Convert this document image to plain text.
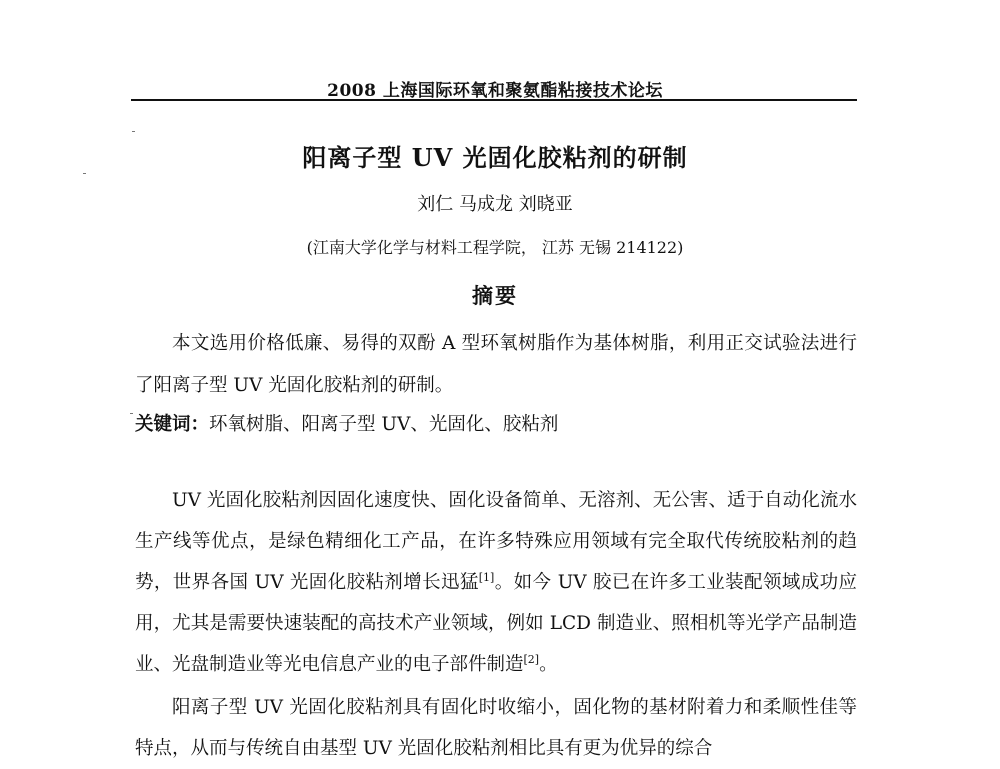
2008 上海国际环氧和聚氨酯粘接技术论坛
阳离子型 UV 光固化胶粘剂的研制
刘仁 马成龙 刘晓亚
(江南大学化学与材料工程学院， 江苏 无锡 214122)
摘要

本文选用价格低廉、易得的双酚 A 型环氧树脂作为基体树脂，利用正交试验法进行了阳离子型 UV 光固化胶粘剂的研制。

关键词：环氧树脂、阳离子型 UV、光固化、胶粘剂

UV 光固化胶粘剂因固化速度快、固化设备简单、无溶剂、无公害、适于自动化流水生产线等优点，是绿色精细化工产品，在许多特殊应用领域有完全取代传统胶粘剂的趋势，世界各国 UV 光固化胶粘剂增长迅猛[1]。如今 UV 胶已在许多工业装配领域成功应用，尤其是需要快速装配的高技术产业领域，例如 LCD 制造业、照相机等光学产品制造业、光盘制造业等光电信息产业的电子部件制造[2]。

阳离子型 UV 光固化胶粘剂具有固化时收缩小，固化物的基材附着力和柔顺性佳等特点，从而与传统自由基型 UV 光固化胶粘剂相比具有更为优异的综合
